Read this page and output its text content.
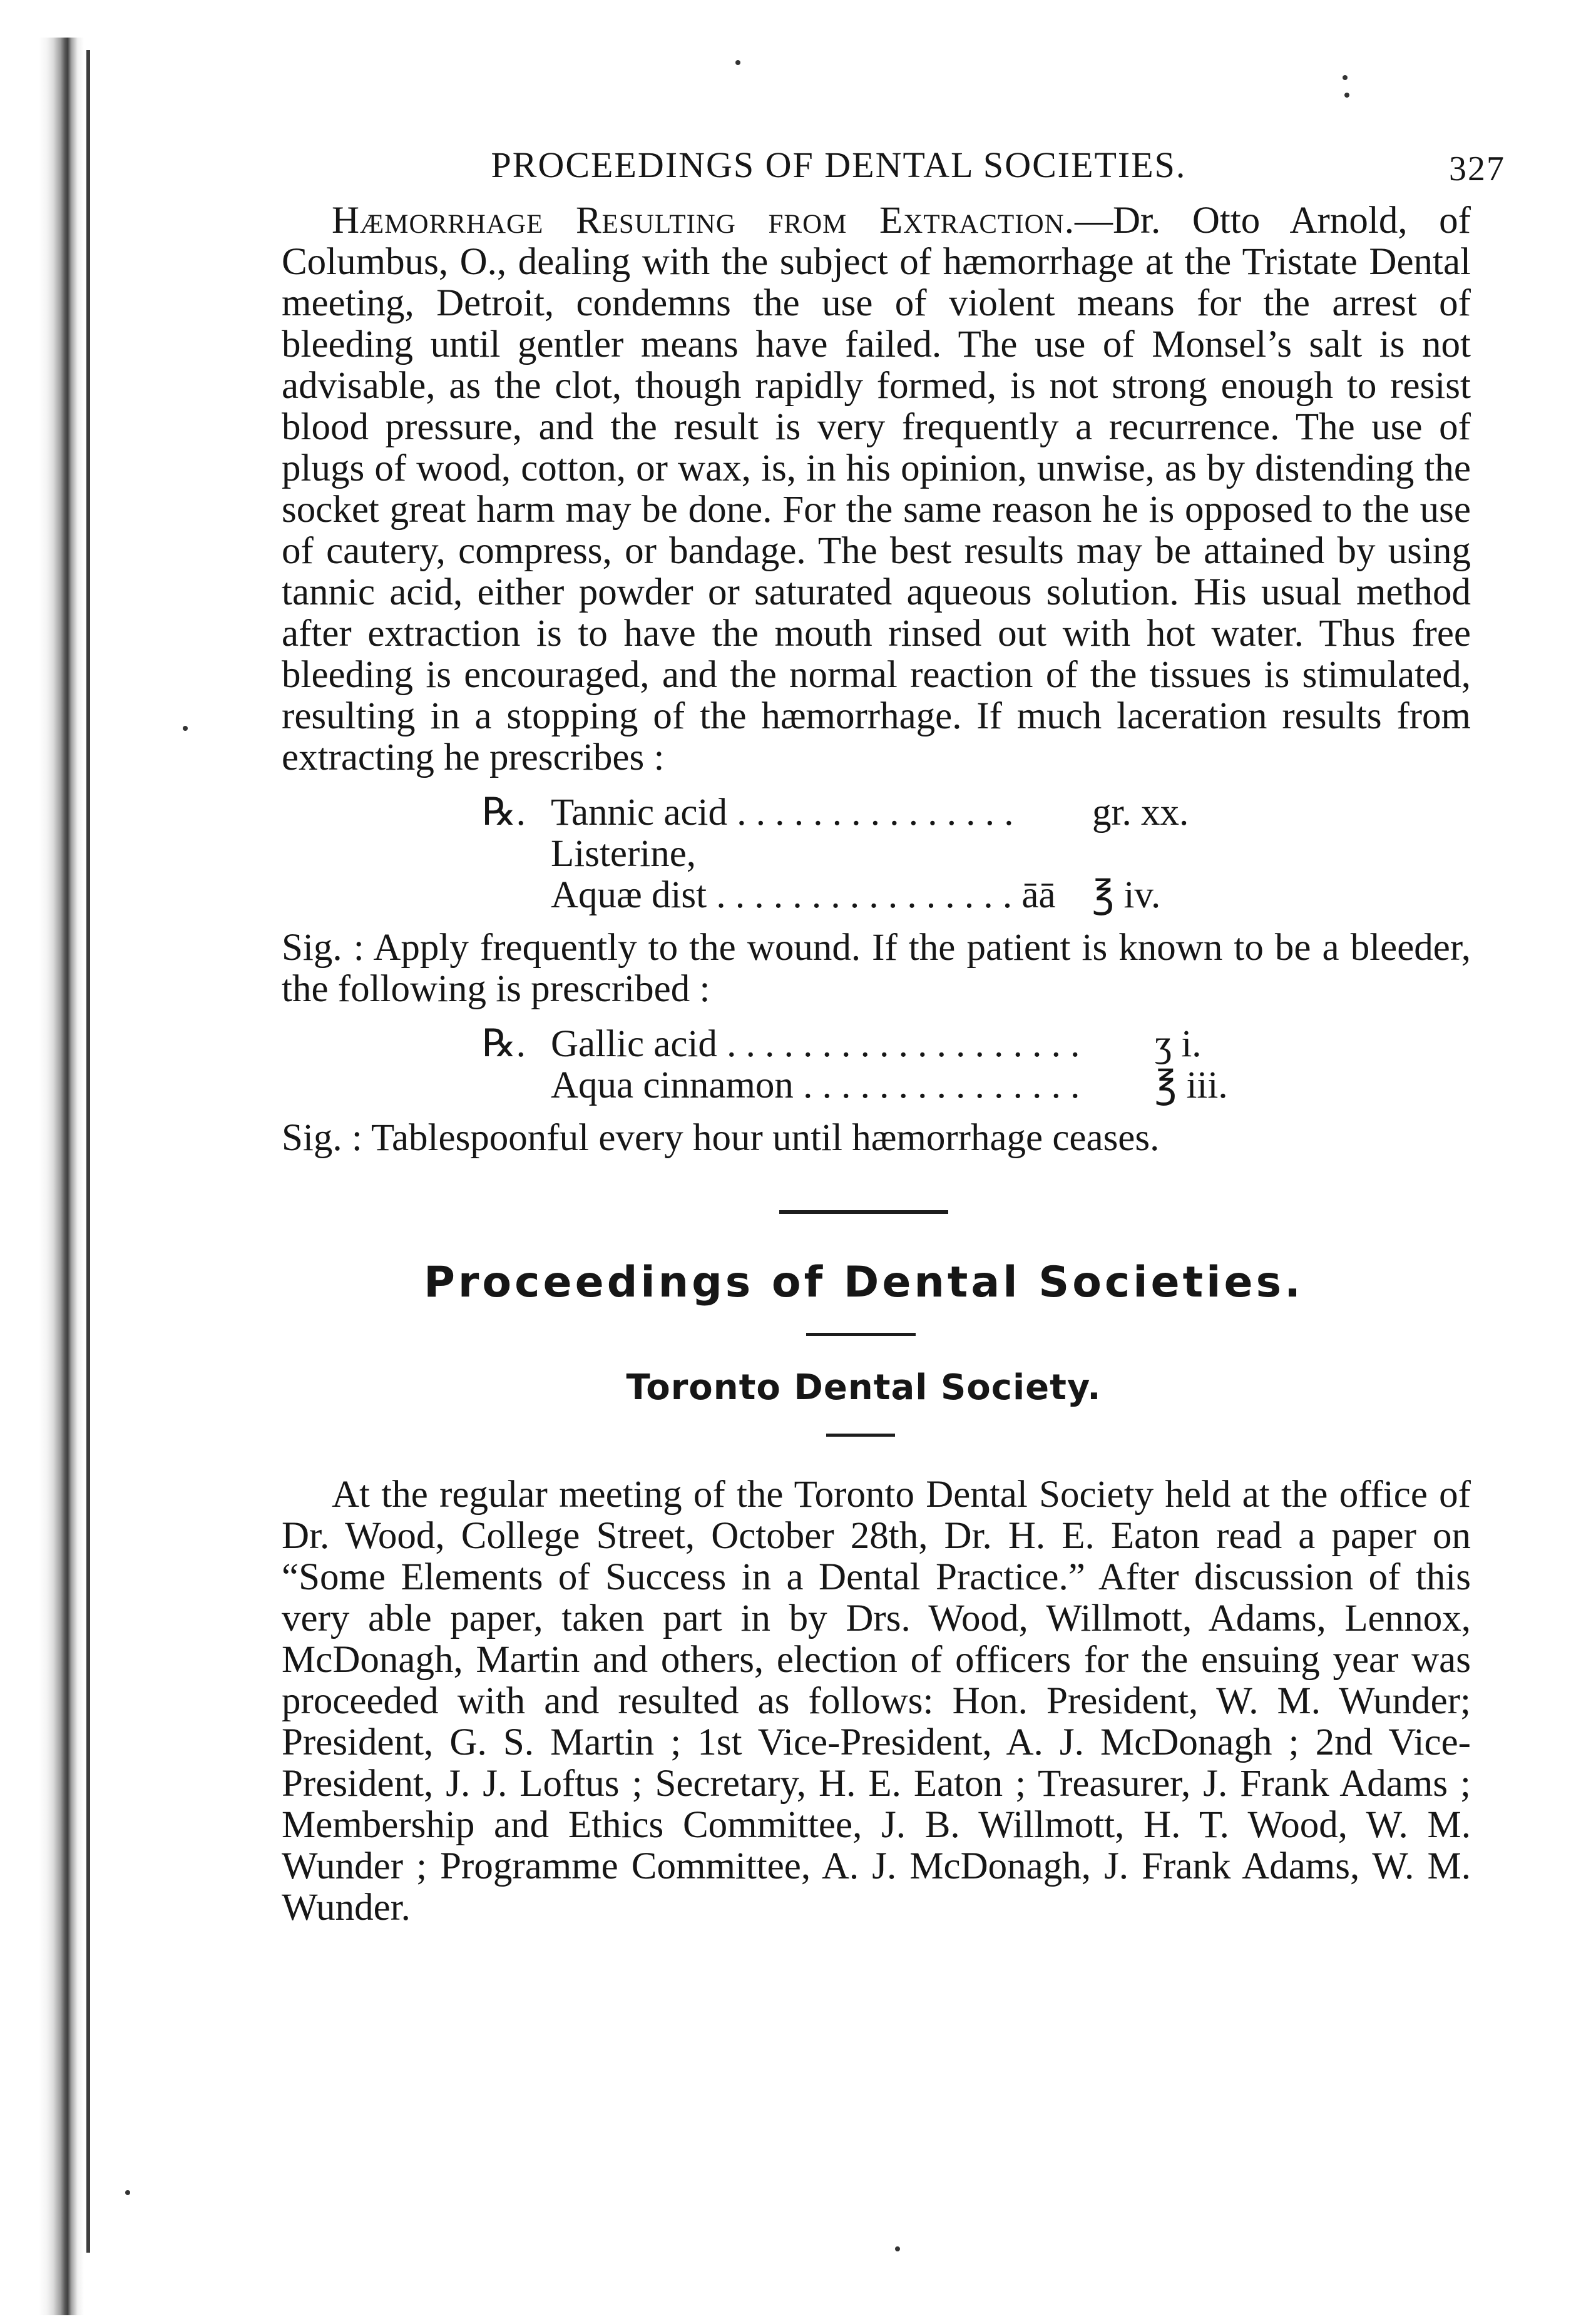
PROCEEDINGS OF DENTAL SOCIETIES.	327

Hæmorrhage Resulting from Extraction.—Dr. Otto Arnold, of Columbus, O., dealing with the subject of hæmorrhage at the Tristate Dental meeting, Detroit, condemns the use of violent means for the arrest of bleeding until gentler means have failed. The use of Monsel’s salt is not advisable, as the clot, though rapidly formed, is not strong enough to resist blood pressure, and the result is very frequently a recurrence. The use of plugs of wood, cotton, or wax, is, in his opinion, unwise, as by distending the socket great harm may be done. For the same reason he is opposed to the use of cautery, compress, or bandage. The best results may be attained by using tannic acid, either powder or saturated aqueous solution. His usual method after extraction is to have the mouth rinsed out with hot water. Thus free bleeding is encouraged, and the normal reaction of the tissues is stimulated, resulting in a stopping of the hæmorrhage. If much laceration results from extracting he prescribes :

℞. Tannic acid . . . . . . . . . . . . . . . gr. xx.
Listerine,
Aquæ dist . . . . . . . . . . . . . . . . āā ℥ iv.

Sig. : Apply frequently to the wound. If the patient is known to be a bleeder, the following is prescribed :

℞. Gallic acid . . . . . . . . . . . . . . . . . . . ʒ i.
Aqua cinnamon . . . . . . . . . . . . . . . ℥ iii.

Sig. : Tablespoonful every hour until hæmorrhage ceases.

Proceedings of Dental Societies.
Toronto Dental Society.

At the regular meeting of the Toronto Dental Society held at the office of Dr. Wood, College Street, October 28th, Dr. H. E. Eaton read a paper on “Some Elements of Success in a Dental Practice.” After discussion of this very able paper, taken part in by Drs. Wood, Willmott, Adams, Lennox, McDonagh, Martin and others, election of officers for the ensuing year was proceeded with and resulted as follows: Hon. President, W. M. Wunder; President, G. S. Martin ; 1st Vice-President, A. J. McDonagh ; 2nd Vice-President, J. J. Loftus ; Secretary, H. E. Eaton ; Treasurer, J. Frank Adams ; Membership and Ethics Committee, J. B. Willmott, H. T. Wood, W. M. Wunder ; Programme Committee, A. J. McDonagh, J. Frank Adams, W. M. Wunder.
